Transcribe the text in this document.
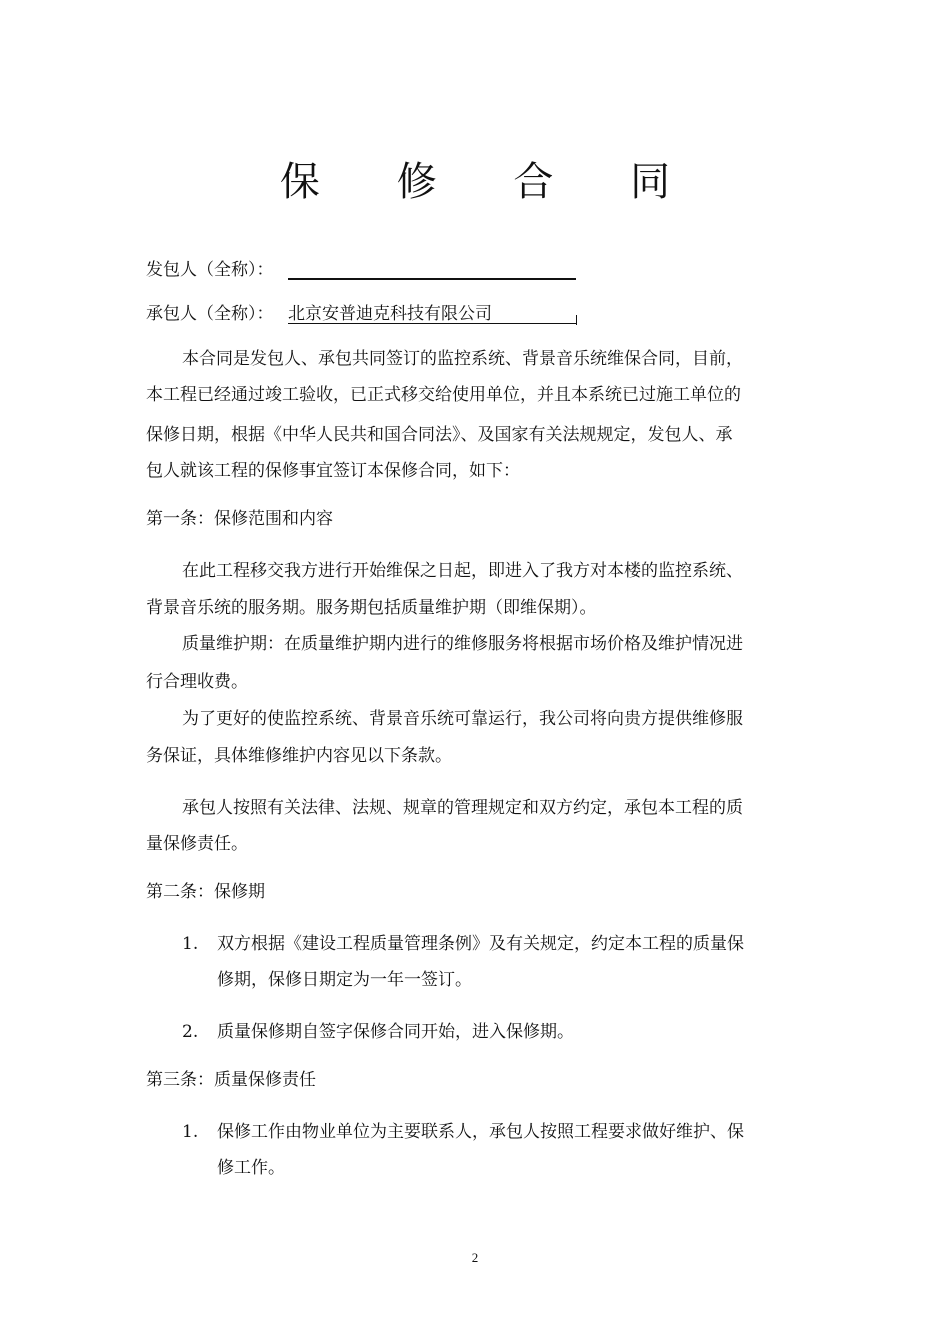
保 修 合 同
发包人（全称）：
承包人（全称）： 北京安普迪克科技有限公司
本合同是发包人、承包共同签订的监控系统、背景音乐统维保合同，目前，
本工程已经通过竣工验收，已正式移交给使用单位，并且本系统已过施工单位的
保修日期，根据《中华人民共和国合同法》、及国家有关法规规定，发包人、承
包人就该工程的保修事宜签订本保修合同，如下：
第一条：保修范围和内容
在此工程移交我方进行开始维保之日起，即进入了我方对本楼的监控系统、
背景音乐统的服务期。服务期包括质量维护期（即维保期）。
质量维护期：在质量维护期内进行的维修服务将根据市场价格及维护情况进
行合理收费。
为了更好的使监控系统、背景音乐统可靠运行，我公司将向贵方提供维修服
务保证，具体维修维护内容见以下条款。
承包人按照有关法律、法规、规章的管理规定和双方约定，承包本工程的质
量保修责任。
第二条：保修期
1. 双方根据《建设工程质量管理条例》及有关规定，约定本工程的质量保
修期，保修日期定为一年一签订。
2. 质量保修期自签字保修合同开始，进入保修期。
第三条：质量保修责任
1. 保修工作由物业单位为主要联系人，承包人按照工程要求做好维护、保
修工作。
2
